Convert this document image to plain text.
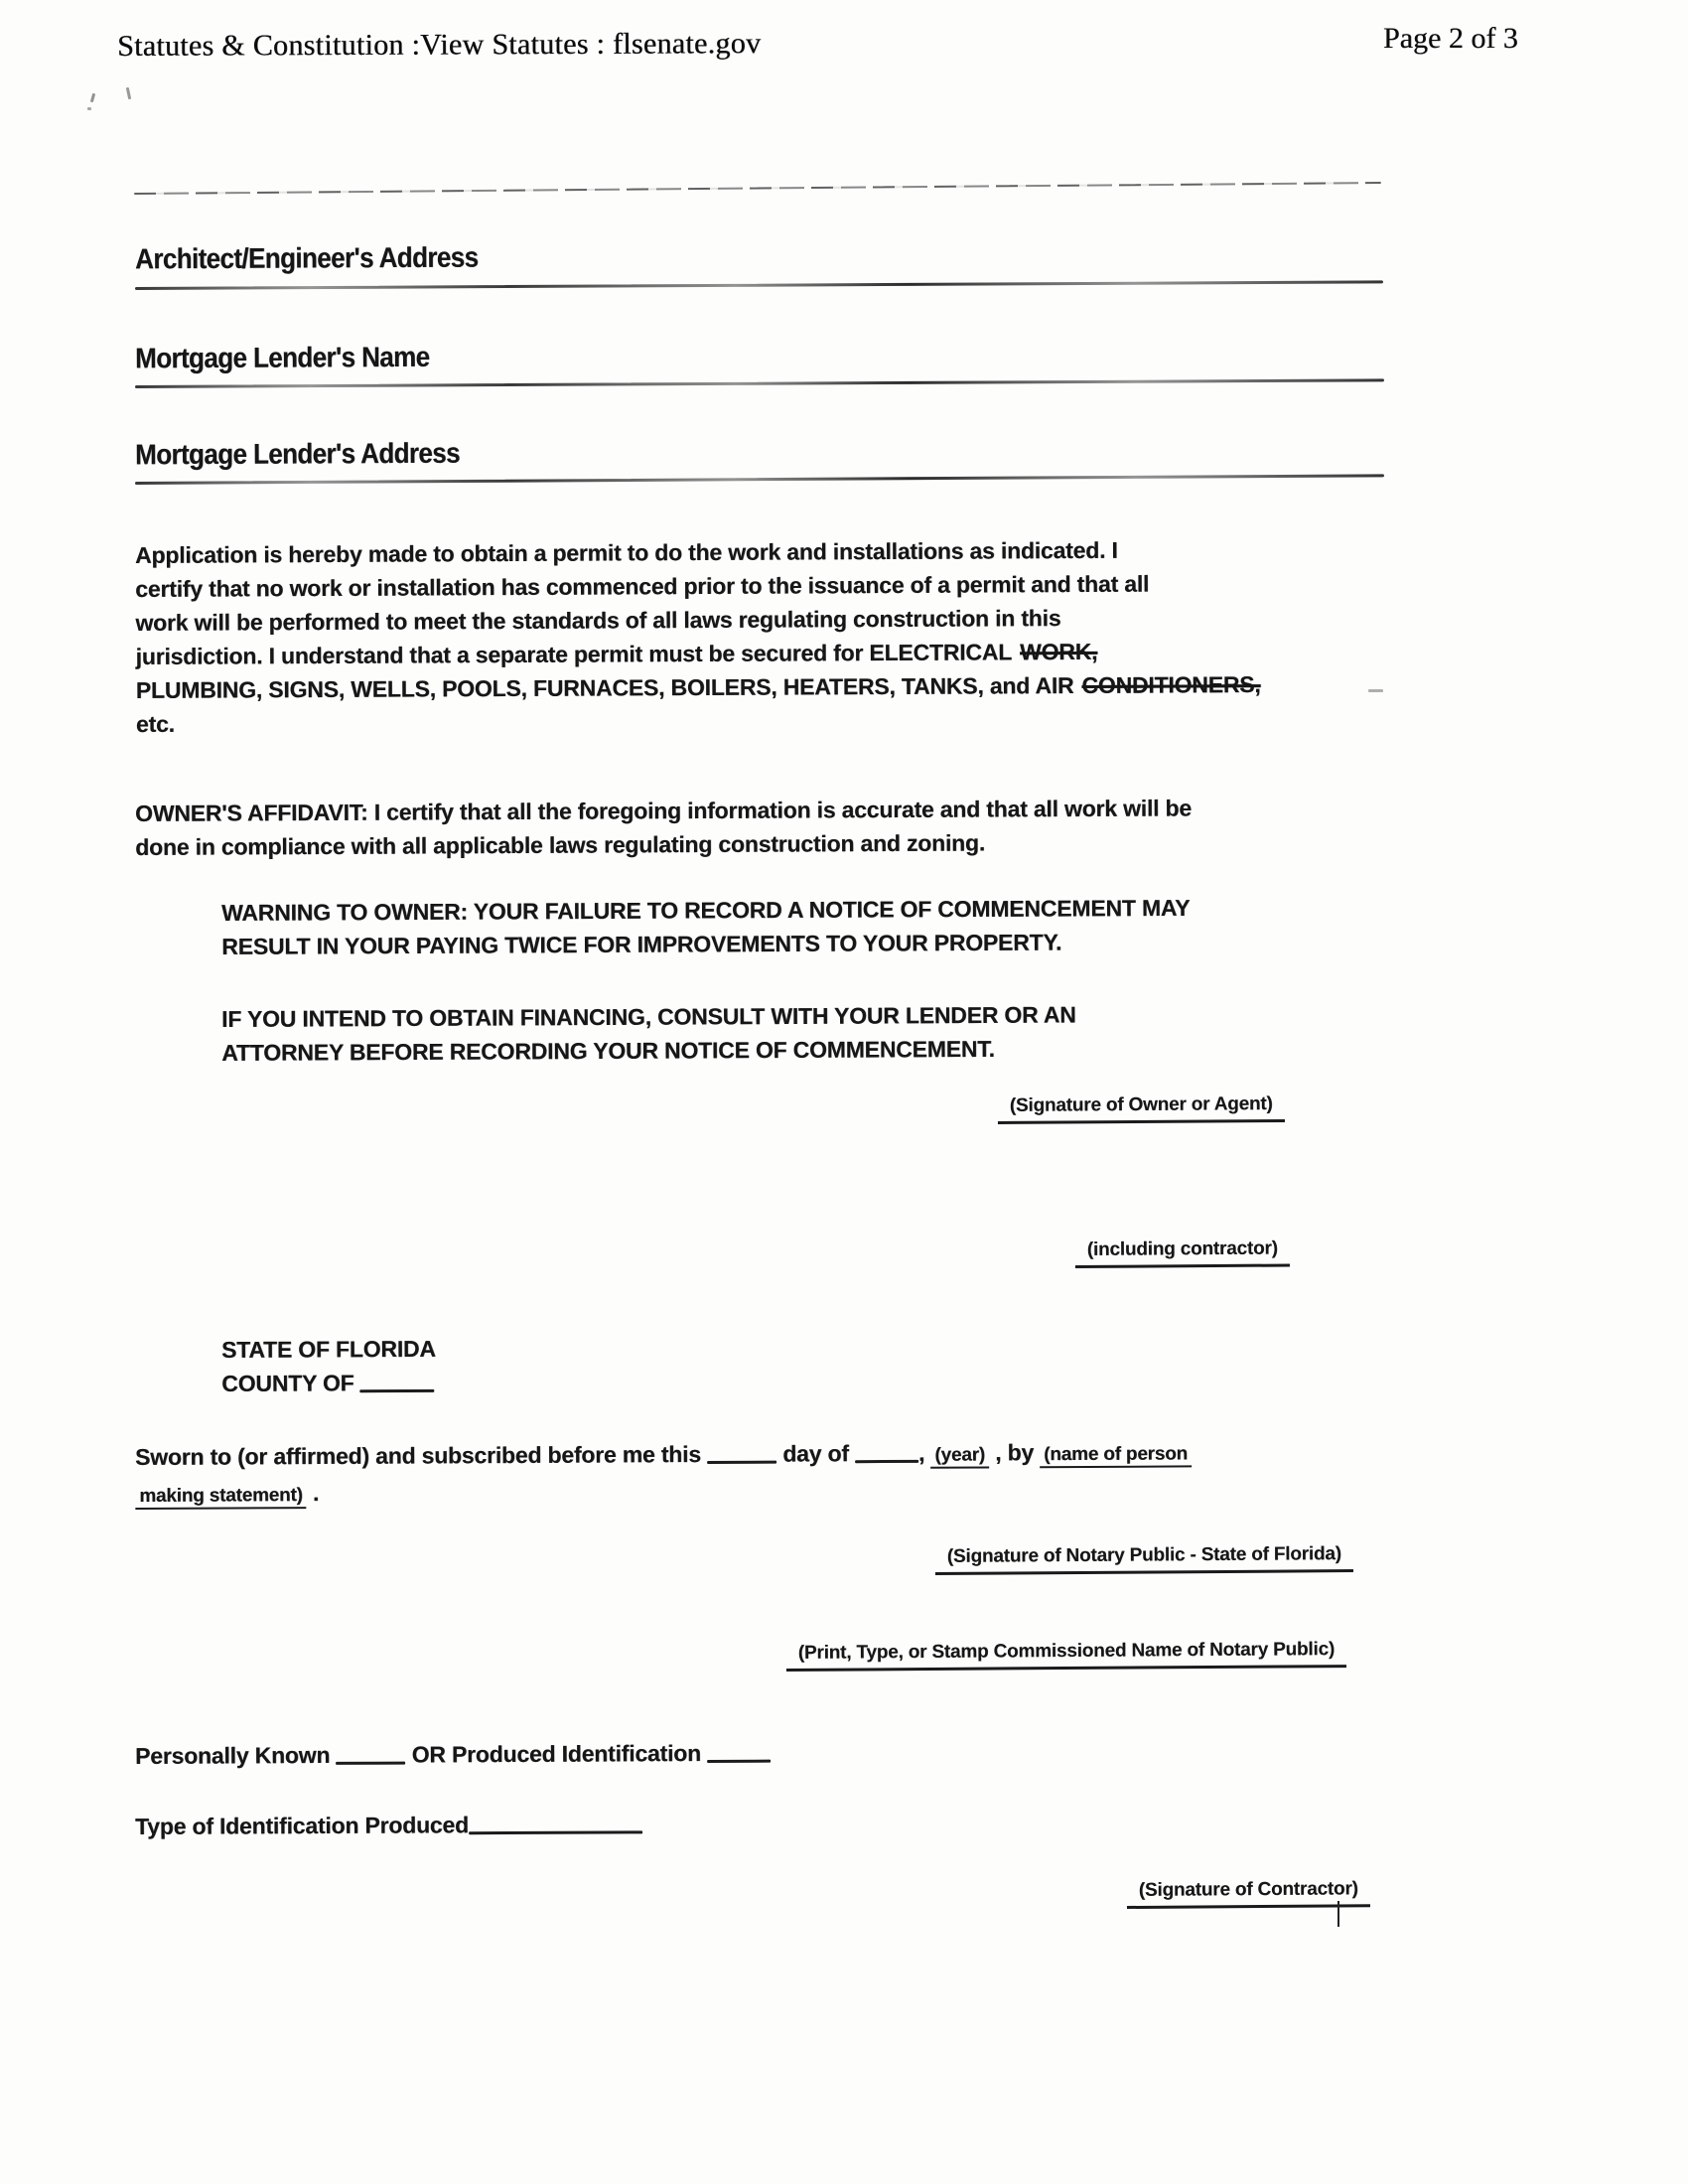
Statutes & Constitution :View Statutes : flsenate.gov	Page 2 of 3
Architect/Engineer's Address
Mortgage Lender's Name
Mortgage Lender's Address
Application is hereby made to obtain a permit to do the work and installations as indicated. I
certify that no work or installation has commenced prior to the issuance of a permit and that all
work will be performed to meet the standards of all laws regulating construction in this
jurisdiction. I understand that a separate permit must be secured for ELECTRICAL WORK,
PLUMBING, SIGNS, WELLS, POOLS, FURNACES, BOILERS, HEATERS, TANKS, and AIR CONDITIONERS,
etc.
OWNER'S AFFIDAVIT: I certify that all the foregoing information is accurate and that all work will be
done in compliance with all applicable laws regulating construction and zoning.
WARNING TO OWNER: YOUR FAILURE TO RECORD A NOTICE OF COMMENCEMENT MAY
RESULT IN YOUR PAYING TWICE FOR IMPROVEMENTS TO YOUR PROPERTY.
IF YOU INTEND TO OBTAIN FINANCING, CONSULT WITH YOUR LENDER OR AN
ATTORNEY BEFORE RECORDING YOUR NOTICE OF COMMENCEMENT.
(Signature of Owner or Agent)
(including contractor)
STATE OF FLORIDA
COUNTY OF
Sworn to (or affirmed) and subscribed before me this	day of	, (year) , by (name of person
making statement) .
(Signature of Notary Public - State of Florida)
(Print, Type, or Stamp Commissioned Name of Notary Public)
Personally Known	OR Produced Identification
Type of Identification Produced
(Signature of Contractor)
